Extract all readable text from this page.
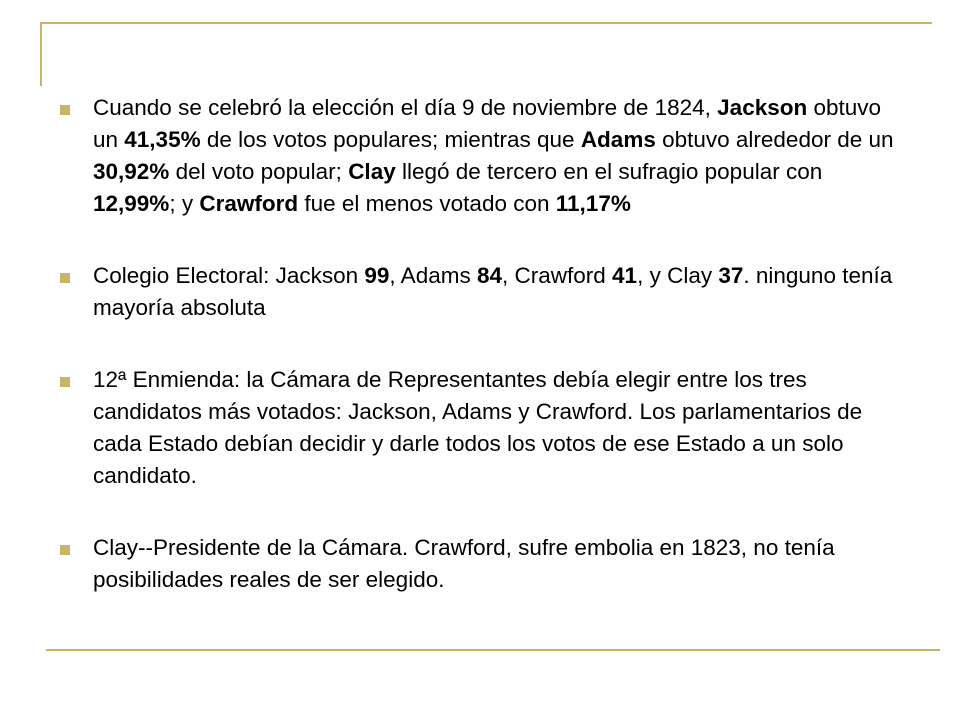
Cuando se celebró la elección el día 9 de noviembre de 1824, Jackson obtuvo un 41,35% de los votos populares; mientras que Adams obtuvo alrededor de un 30,92% del voto popular; Clay llegó de tercero en el sufragio popular con 12,99%; y Crawford fue el menos votado con 11,17%
Colegio Electoral: Jackson 99, Adams 84, Crawford 41, y Clay 37. ninguno tenía mayoría absoluta
12ª Enmienda: la Cámara de Representantes debía elegir entre los tres candidatos más votados: Jackson, Adams y Crawford. Los parlamentarios de cada Estado debían decidir y darle todos los votos de ese Estado a un solo candidato.
Clay--Presidente de la Cámara. Crawford, sufre embolia en 1823, no tenía posibilidades reales de ser elegido.
